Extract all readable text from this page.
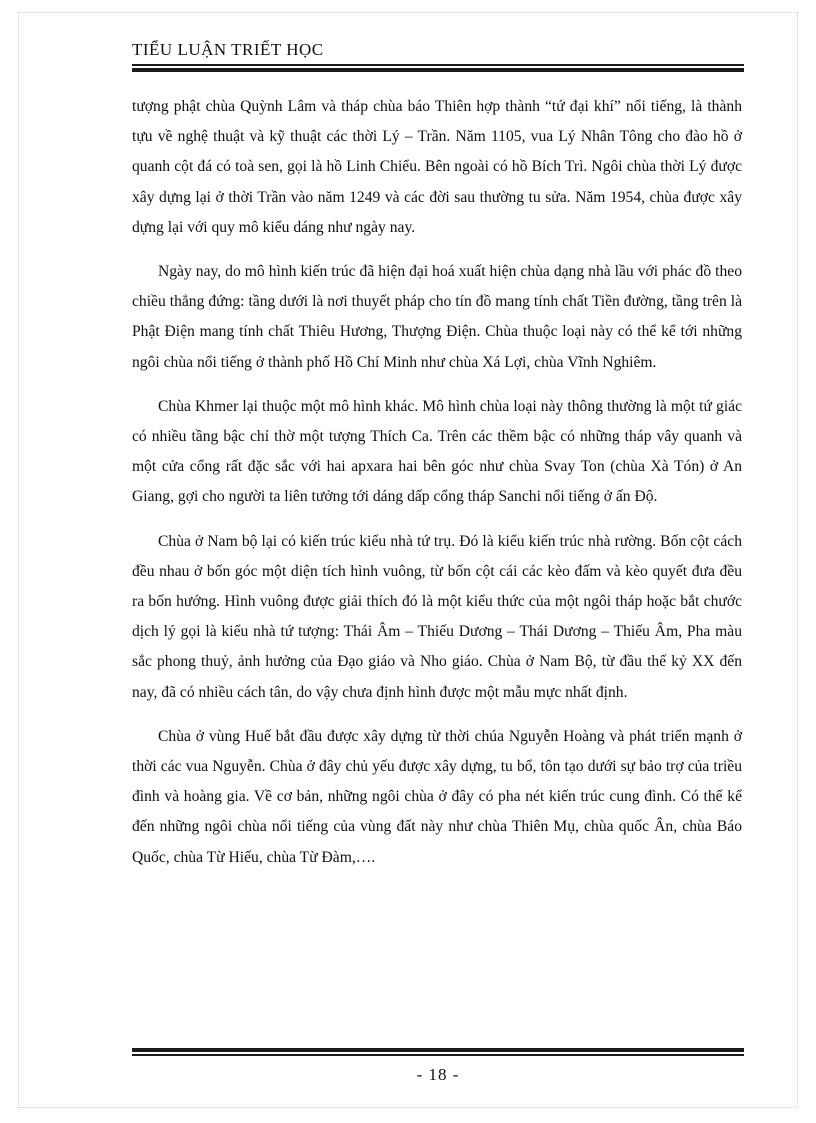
TIỂU LUẬN TRIẾT HỌC

tượng phật chùa Quỳnh Lâm và tháp chùa báo Thiên hợp thành “tứ đại khí” nổi tiếng, là thành tựu về nghệ thuật và kỹ thuật các thời Lý – Trần. Năm 1105, vua Lý Nhân Tông cho đào hồ ở quanh cột đá có toà sen, gọi là hồ Linh Chiểu. Bên ngoài có hồ Bích Trì. Ngôi chùa thời Lý được xây dựng lại ở thời Trần vào năm 1249 và các đời sau thường tu sửa. Năm 1954, chùa được xây dựng lại với quy mô kiểu dáng như ngày nay.

Ngày nay, do mô hình kiến trúc đã hiện đại hoá xuất hiện chùa dạng nhà lầu với phác đồ theo chiều thẳng đứng: tầng dưới là nơi thuyết pháp cho tín đồ mang tính chất Tiền đường, tầng trên là Phật Điện mang tính chất Thiêu Hương, Thượng Điện. Chùa thuộc loại này có thể kể tới những ngôi chùa nổi tiếng ở thành phố Hồ Chí Minh như chùa Xá Lợi, chùa Vĩnh Nghiêm.

Chùa Khmer lại thuộc một mô hình khác. Mô hình chùa loại này thông thường là một tứ giác có nhiều tầng bậc chỉ thờ một tượng Thích Ca. Trên các thềm bậc có những tháp vây quanh và một cửa cổng rất đặc sắc với hai apxara hai bên góc như chùa Svay Ton (chùa Xà Tón) ở An Giang, gợi cho người ta liên tưởng tới dáng dấp cổng tháp Sanchi nổi tiếng ở ấn Độ.

Chùa ở Nam bộ lại có kiến trúc kiểu nhà tứ trụ. Đó là kiểu kiến trúc nhà rường. Bốn cột cách đều nhau ở bốn góc một diện tích hình vuông, từ bốn cột cái các kèo đấm và kèo quyết đưa đều ra bốn hướng. Hình vuông được giải thích đó là một kiểu thức của một ngôi tháp hoặc bắt chước dịch lý gọi là kiểu nhà tứ tượng: Thái Âm – Thiếu Dương – Thái Dương – Thiếu Âm, Pha màu sắc phong thuỷ, ảnh hưởng của Đạo giáo và Nho giáo. Chùa ở Nam Bộ, từ đầu thế kỷ XX đến nay, đã có nhiều cách tân, do vậy chưa định hình được một mẫu mực nhất định.

Chùa ở vùng Huế bắt đầu được xây dựng từ thời chúa Nguyễn Hoàng và phát triển mạnh ở thời các vua Nguyễn. Chùa ở đây chủ yếu được xây dựng, tu bổ, tôn tạo dưới sự bảo trợ của triều đình và hoàng gia. Về cơ bản, những ngôi chùa ở đây có pha nét kiến trúc cung đình. Có thể kể đến những ngôi chùa nổi tiếng của vùng đất này như chùa Thiên Mụ, chùa quốc Ân, chùa Báo Quốc, chùa Từ Hiếu, chùa Từ Đàm,….

- 18 -
